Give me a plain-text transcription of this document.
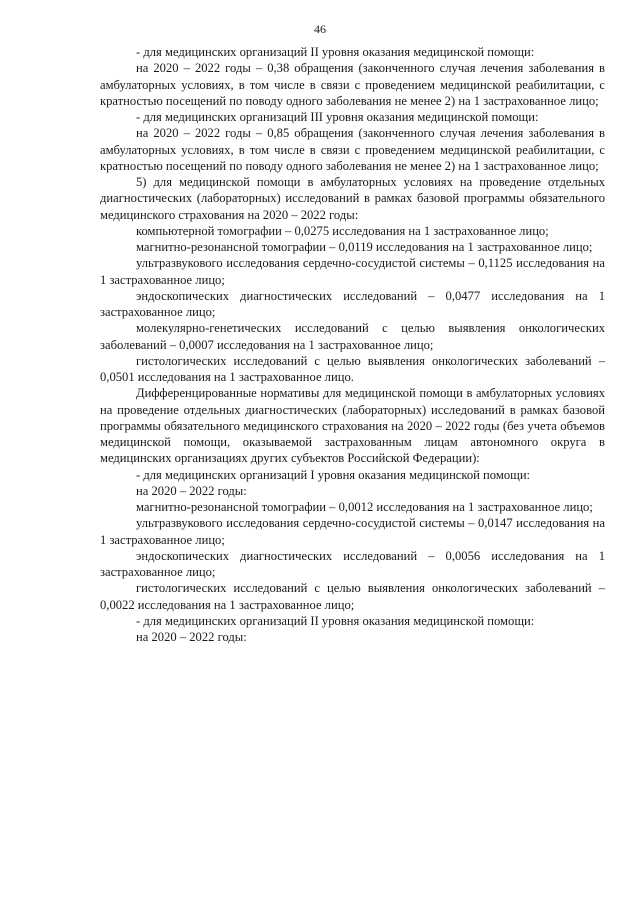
46

- для медицинских организаций II уровня оказания медицинской помощи:

на 2020 – 2022 годы – 0,38 обращения (законченного случая лечения заболевания в амбулаторных условиях, в том числе в связи с проведением медицинской реабилитации, с кратностью посещений по поводу одного заболевания не менее 2) на 1 застрахованное лицо;

- для медицинских организаций III уровня оказания медицинской помощи:

на 2020 – 2022 годы – 0,85 обращения (законченного случая лечения заболевания в амбулаторных условиях, в том числе в связи с проведением медицинской реабилитации, с кратностью посещений по поводу одного заболевания не менее 2) на 1 застрахованное лицо;

5) для медицинской помощи в амбулаторных условиях на проведение отдельных диагностических (лабораторных) исследований в рамках базовой программы обязательного медицинского страхования на 2020 – 2022 годы:

компьютерной томографии – 0,0275 исследования на 1 застрахованное лицо;

магнитно-резонансной томографии – 0,0119 исследования на 1 застрахованное лицо;

ультразвукового исследования сердечно-сосудистой системы – 0,1125 исследования на 1 застрахованное лицо;

эндоскопических диагностических исследований – 0,0477 исследования на 1 застрахованное лицо;

молекулярно-генетических исследований с целью выявления онкологических заболеваний – 0,0007 исследования на 1 застрахованное лицо;

гистологических исследований с целью выявления онкологических заболеваний – 0,0501 исследования на 1 застрахованное лицо.

Дифференцированные нормативы для медицинской помощи в амбулаторных условиях на проведение отдельных диагностических (лабораторных) исследований в рамках базовой программы обязательного медицинского страхования на 2020 – 2022 годы (без учета объемов медицинской помощи, оказываемой застрахованным лицам автономного округа в медицинских организациях других субъектов Российской Федерации):

- для медицинских организаций I уровня оказания медицинской помощи:

на 2020 – 2022 годы:

магнитно-резонансной томографии – 0,0012 исследования на 1 застрахованное лицо;

ультразвукового исследования сердечно-сосудистой системы – 0,0147 исследования на 1 застрахованное лицо;

эндоскопических диагностических исследований – 0,0056 исследования на 1 застрахованное лицо;

гистологических исследований с целью выявления онкологических заболеваний – 0,0022 исследования на 1 застрахованное лицо;

- для медицинских организаций II уровня оказания медицинской помощи:

на 2020 – 2022 годы:
